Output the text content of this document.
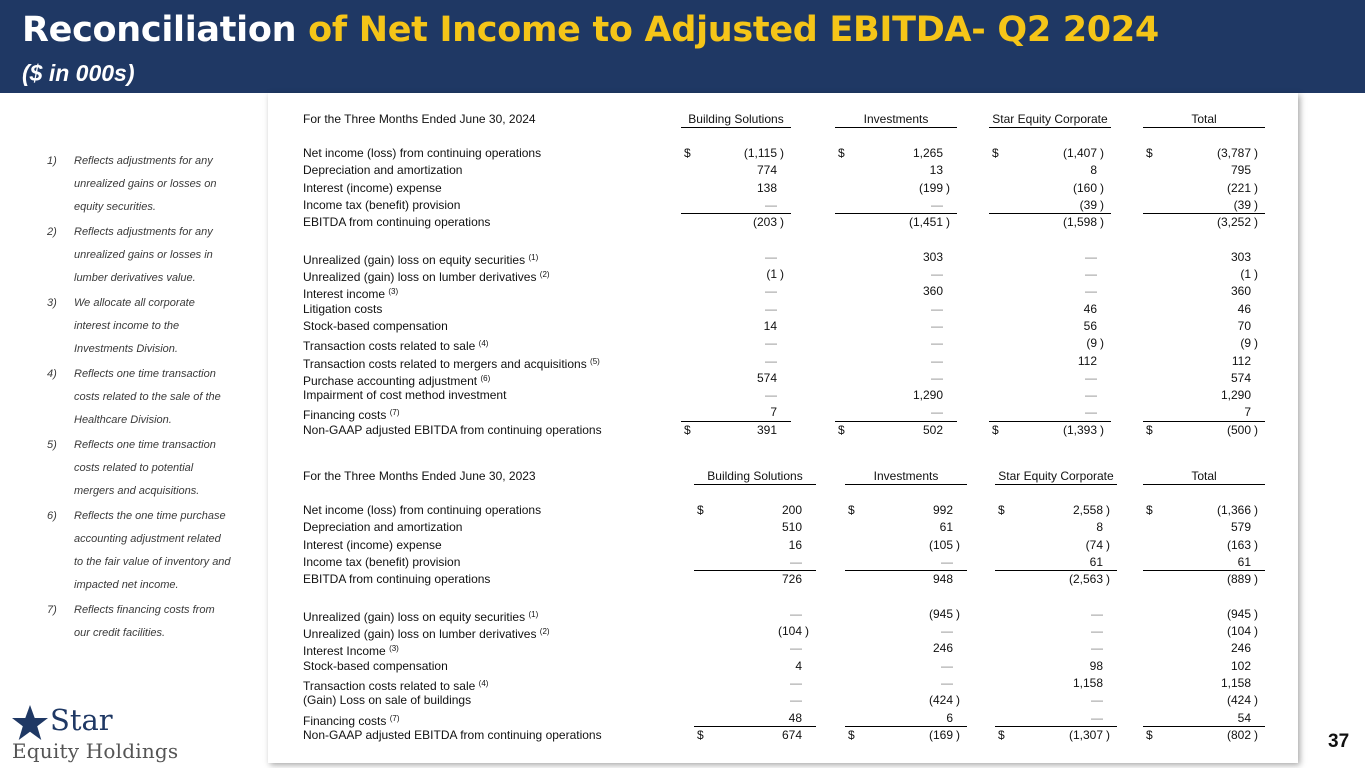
Reconciliation of Net Income to Adjusted EBITDA- Q2 2024
($ in 000s)
1)	Reflects adjustments for any unrealized gains or losses on equity securities.
2)	Reflects adjustments for any unrealized gains or losses in lumber derivatives value.
3)	We allocate all corporate interest income to the Investments Division.
4)	Reflects one time transaction costs related to the sale of the Healthcare Division.
5)	Reflects one time transaction costs related to potential mergers and acquisitions.
6)	Reflects the one time purchase accounting adjustment related to the fair value of inventory and impacted net income.
7)	Reflects financing costs from our credit facilities.
For the Three Months Ended June 30, 2024	Building Solutions	Investments	Star Equity Corporate	Total
Net income (loss) from continuing operations	$	(1,115 )	$	1,265	$	(1,407 )	$	(3,787 )
Depreciation and amortization	774	13	8	795
Interest (income) expense	138	(199 )	(160 )	(221 )
Income tax (benefit) provision	—	—	(39 )	(39 )
EBITDA from continuing operations	(203 )	(1,451 )	(1,598 )	(3,252 )
Unrealized (gain) loss on equity securities $^{(1)}$	—	303	—	303
Unrealized (gain) loss on lumber derivatives $^{(2)}$	(1 )	—	—	(1 )
Interest income $^{(3)}$	—	360	—	360
Litigation costs	—	—	46	46
Stock-based compensation	14	—	56	70
Transaction costs related to sale $^{(4)}$	—	—	(9 )	(9 )
Transaction costs related to mergers and acquisitions $^{(5)}$	—	—	112	112
Purchase accounting adjustment $^{(6)}$	574	—	—	574
Impairment of cost method investment	—	1,290	—	1,290
Financing costs $^{(7)}$	7	—	—	7
Non-GAAP adjusted EBITDA from continuing operations	$	391	$	502	$	(1,393 )	$	(500 )
For the Three Months Ended June 30, 2023	Building Solutions	Investments	Star Equity Corporate	Total
Net income (loss) from continuing operations	$	200	$	992	$	2,558 )	$	(1,366 )
Depreciation and amortization	510	61	8	579
Interest (income) expense	16	(105 )	(74 )	(163 )
Income tax (benefit) provision	—	—	61	61
EBITDA from continuing operations	726	948	(2,563 )	(889 )
Unrealized (gain) loss on equity securities $^{(1)}$	—	(945 )	—	(945 )
Unrealized (gain) loss on lumber derivatives $^{(2)}$	(104 )	—	—	(104 )
Interest Income $^{(3)}$	—	246	—	246
Stock-based compensation	4	—	98	102
Transaction costs related to sale $^{(4)}$	—	—	1,158	1,158
(Gain) Loss on sale of buildings	—	(424 )	—	(424 )
Financing costs $^{(7)}$	48	6	—	54
Non-GAAP adjusted EBITDA from continuing operations	$	674	$	(169 )	$	(1,307 )	$	(802 )
Star
Equity Holdings	37
